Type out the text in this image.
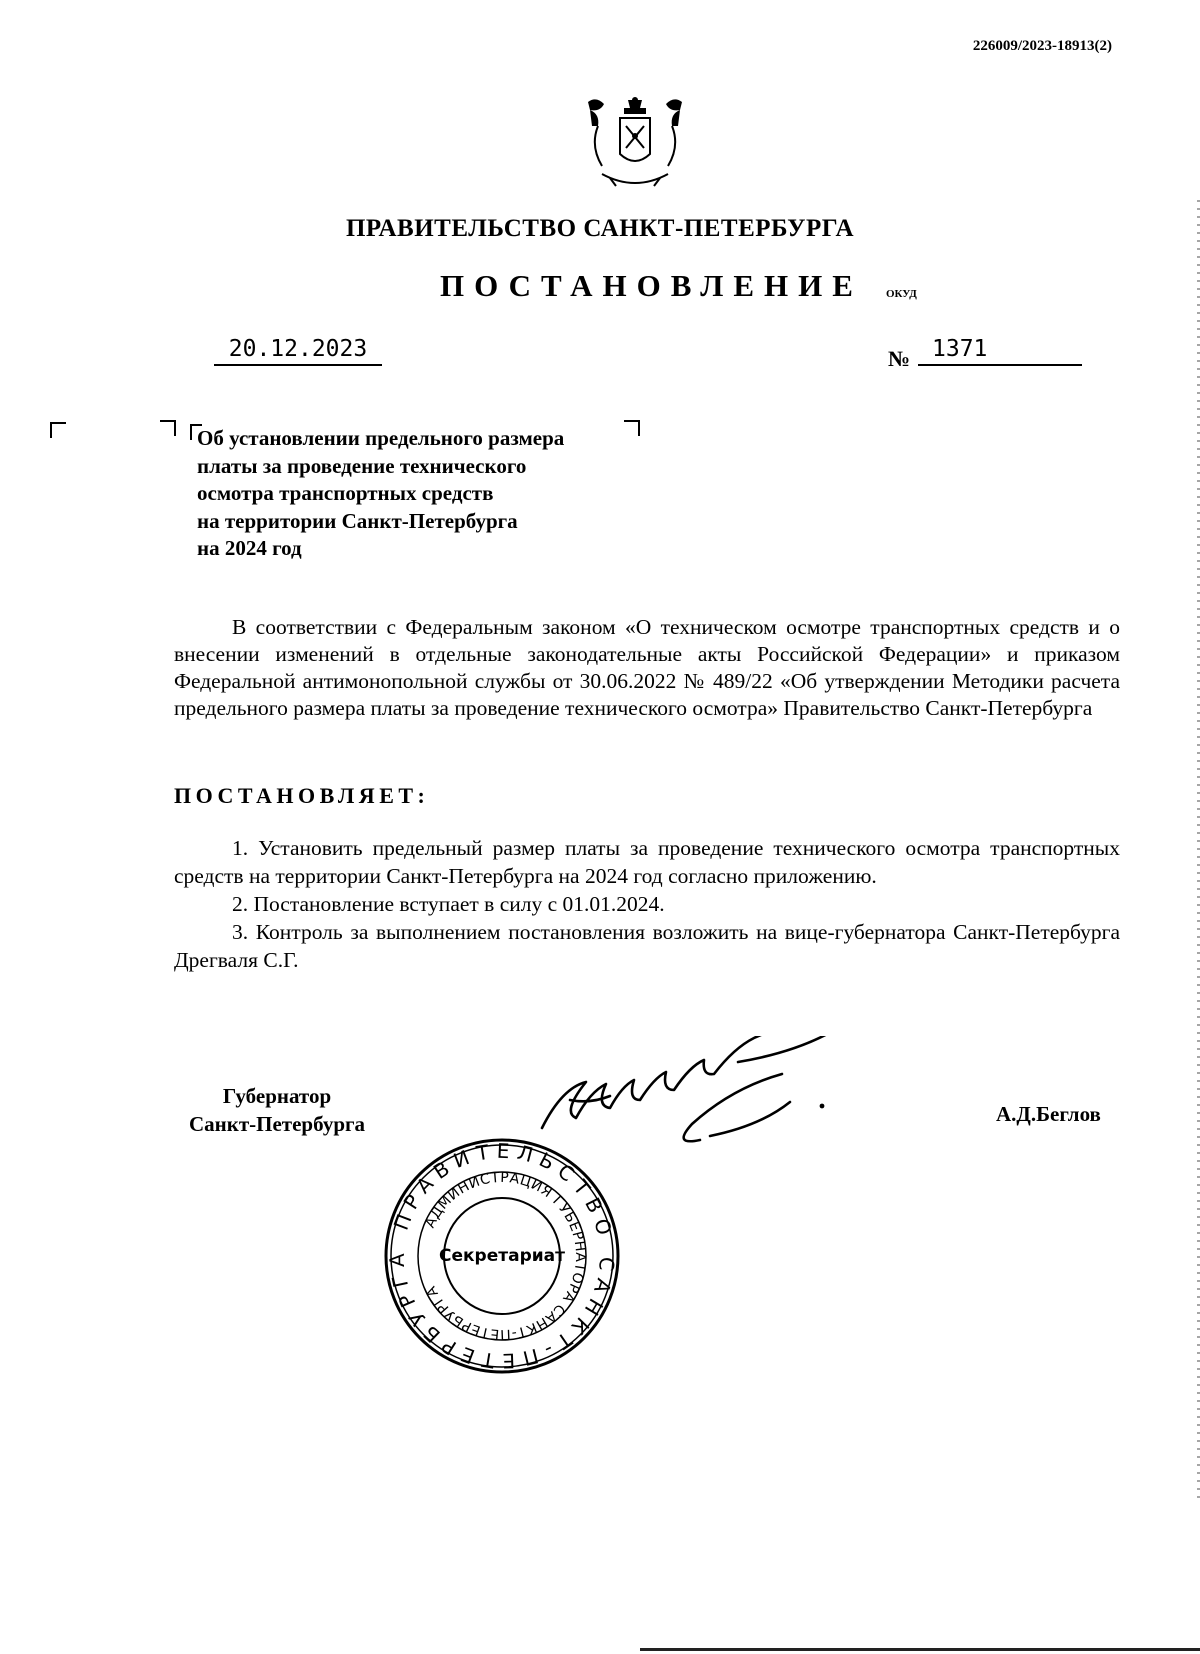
226009/2023-18913(2)
ПРАВИТЕЛЬСТВО САНКТ-ПЕТЕРБУРГА
ПОСТАНОВЛЕНИЕ ОКУД
20.12.2023	№ 1371
Об установлении предельного размера
платы за проведение технического
осмотра транспортных средств
на территории Санкт-Петербурга
на 2024 год
В соответствии с Федеральным законом «О техническом осмотре транспортных средств и о внесении изменений в отдельные законодательные акты Российской Федерации» и приказом Федеральной антимонопольной службы от 30.06.2022 № 489/22 «Об утверждении Методики расчета предельного размера платы за проведение технического осмотра» Правительство Санкт-Петербурга
ПОСТАНОВЛЯЕТ:

1. Установить предельный размер платы за проведение технического осмотра транспортных средств на территории Санкт-Петербурга на 2024 год согласно приложению.

2. Постановление вступает в силу с 01.01.2024.

3. Контроль за выполнением постановления возложить на вице-губернатора Санкт-Петербурга Дрегваля С.Г.

Губернатор
Санкт-Петербурга	А.Д.Беглов
ПРАВИТЕЛЬСТВО САНКТ-ПЕТЕРБУРГА
АДМИНИСТРАЦИЯ ГУБЕРНАТОРА САНКТ-ПЕТЕРБУРГА
Секретариат
